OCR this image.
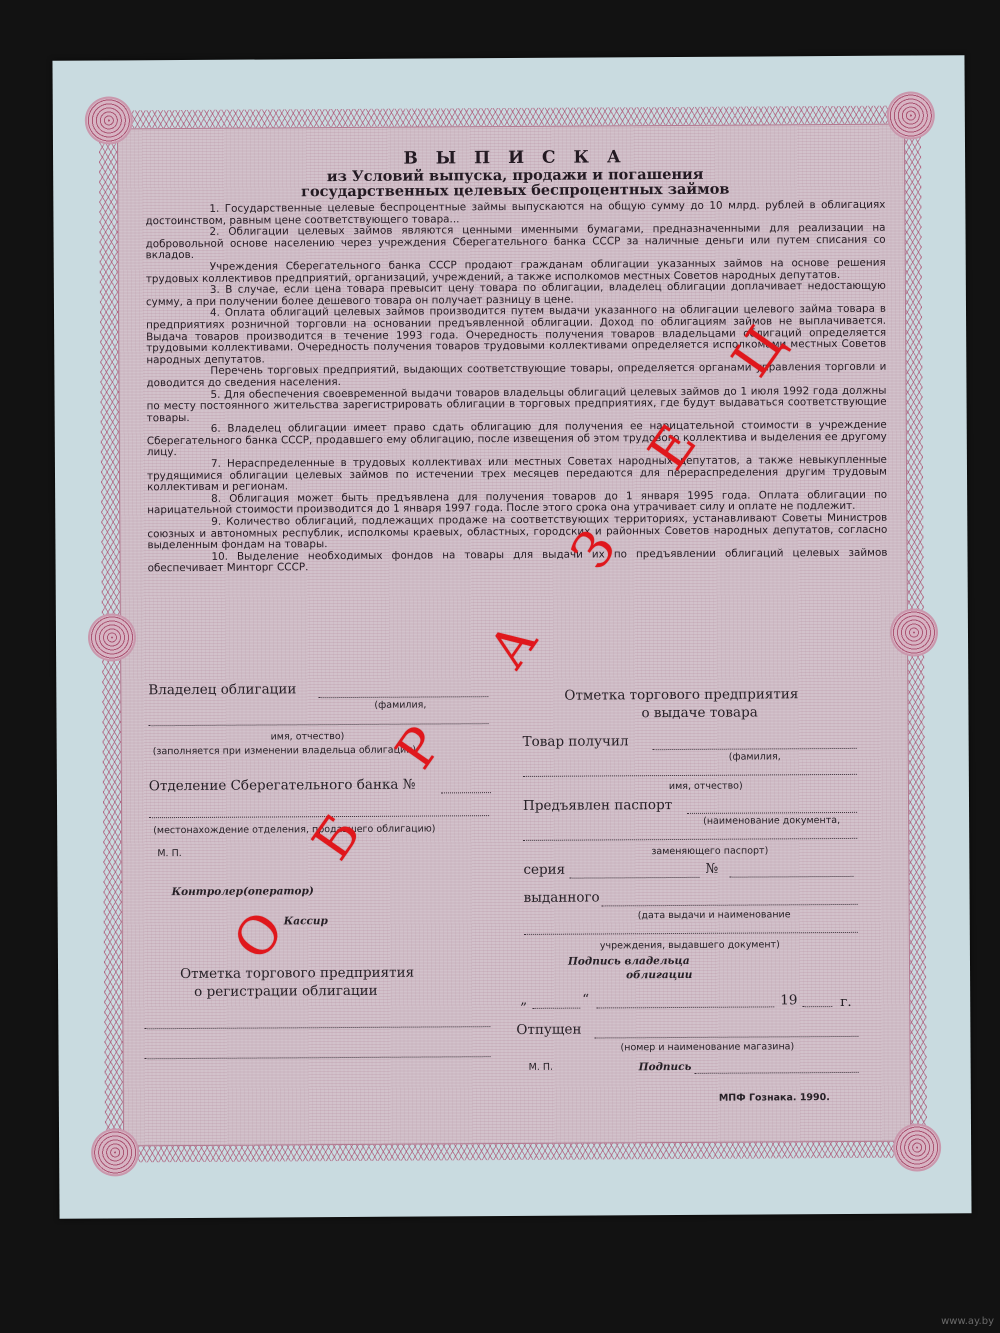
В Ы П И С К А

из Условий выпуска, продажи и погашения

государственных целевых беспроцентных займов

1. Государственные целевые беспроцентные займы выпускаются на общую сумму до 10 млрд. рублей в облигациях достоинством, равным цене соответствующего товара...

2. Облигации целевых займов являются ценными именными бумагами, предназначенными для реализации на добровольной основе населению через учреждения Сберегательного банка СССР за наличные деньги или путем списания со вкладов.

Учреждения Сберегательного банка СССР продают гражданам облигации указанных займов на основе решения трудовых коллективов предприятий, организаций, учреждений, а также исполкомов местных Советов народных депутатов.

3. В случае, если цена товара превысит цену товара по облигации, владелец облигации доплачивает недостающую сумму, а при получении более дешевого товара он получает разницу в цене.

4. Оплата облигаций целевых займов производится путем выдачи указанного на облигации целевого займа товара в предприятиях розничной торговли на основании предъявленной облигации. Доход по облигациям займов не выплачивается. Выдача товаров производится в течение 1993 года. Очередность получения товаров владельцами облигаций определяется трудовыми коллективами. Очередность получения товаров трудовыми коллективами определяется исполкомами местных Советов народных депутатов.

Перечень торговых предприятий, выдающих соответствующие товары, определяется органами управления торговли и доводится до сведения населения.

5. Для обеспечения своевременной выдачи товаров владельцы облигаций целевых займов до 1 июля 1992 года должны по месту постоянного жительства зарегистрировать облигации в торговых предприятиях, где будут выдаваться соответствующие товары.

6. Владелец облигации имеет право сдать облигацию для получения ее нарицательной стоимости в учреждение Сберегательного банка СССР, продавшего ему облигацию, после извещения об этом трудового коллектива и выделения ее другому лицу.

7. Нераспределенные в трудовых коллективах или местных Советах народных депутатов, а также невыкупленные трудящимися облигации целевых займов по истечении трех месяцев передаются для перераспределения другим трудовым коллективам и регионам.

8. Облигация может быть предъявлена для получения товаров до 1 января 1995 года. Оплата облигации по нарицательной стоимости производится до 1 января 1997 года. После этого срока она утрачивает силу и оплате не подлежит.

9. Количество облигаций, подлежащих продаже на соответствующих территориях, устанавливают Советы Министров союзных и автономных республик, исполкомы краевых, областных, городских и районных Советов народных депутатов, согласно выделенным фондам на товары.

10. Выделение необходимых фондов на товары для выдачи их по предъявлении облигаций целевых займов обеспечивает Минторг СССР.

Владелец облигации
(фамилия,
имя, отчество)
(заполняется при изменении владельца облигации)
Отделение Сберегательного банка №
(местонахождение отделения, продавшего облигацию)
М. П.
Контролер(оператор)
Кассир
Отметка торгового предприятия
о регистрации облигации
Отметка торгового предприятия
о выдаче товара
Товар получил
(фамилия,
имя, отчество)
Предъявлен паспорт
(наименование документа,
заменяющего паспорт)
серия	№
выданного
(дата выдачи и наименование
учреждения, выдавшего документ)
Подпись владельца
облигации
„	“	19	г.
Отпущен
(номер и наименование магазина)
М. П.	Подпись
МПФ Гознака. 1990.
О
Б
Р
А
З
Е
Ц
www.ay.by
